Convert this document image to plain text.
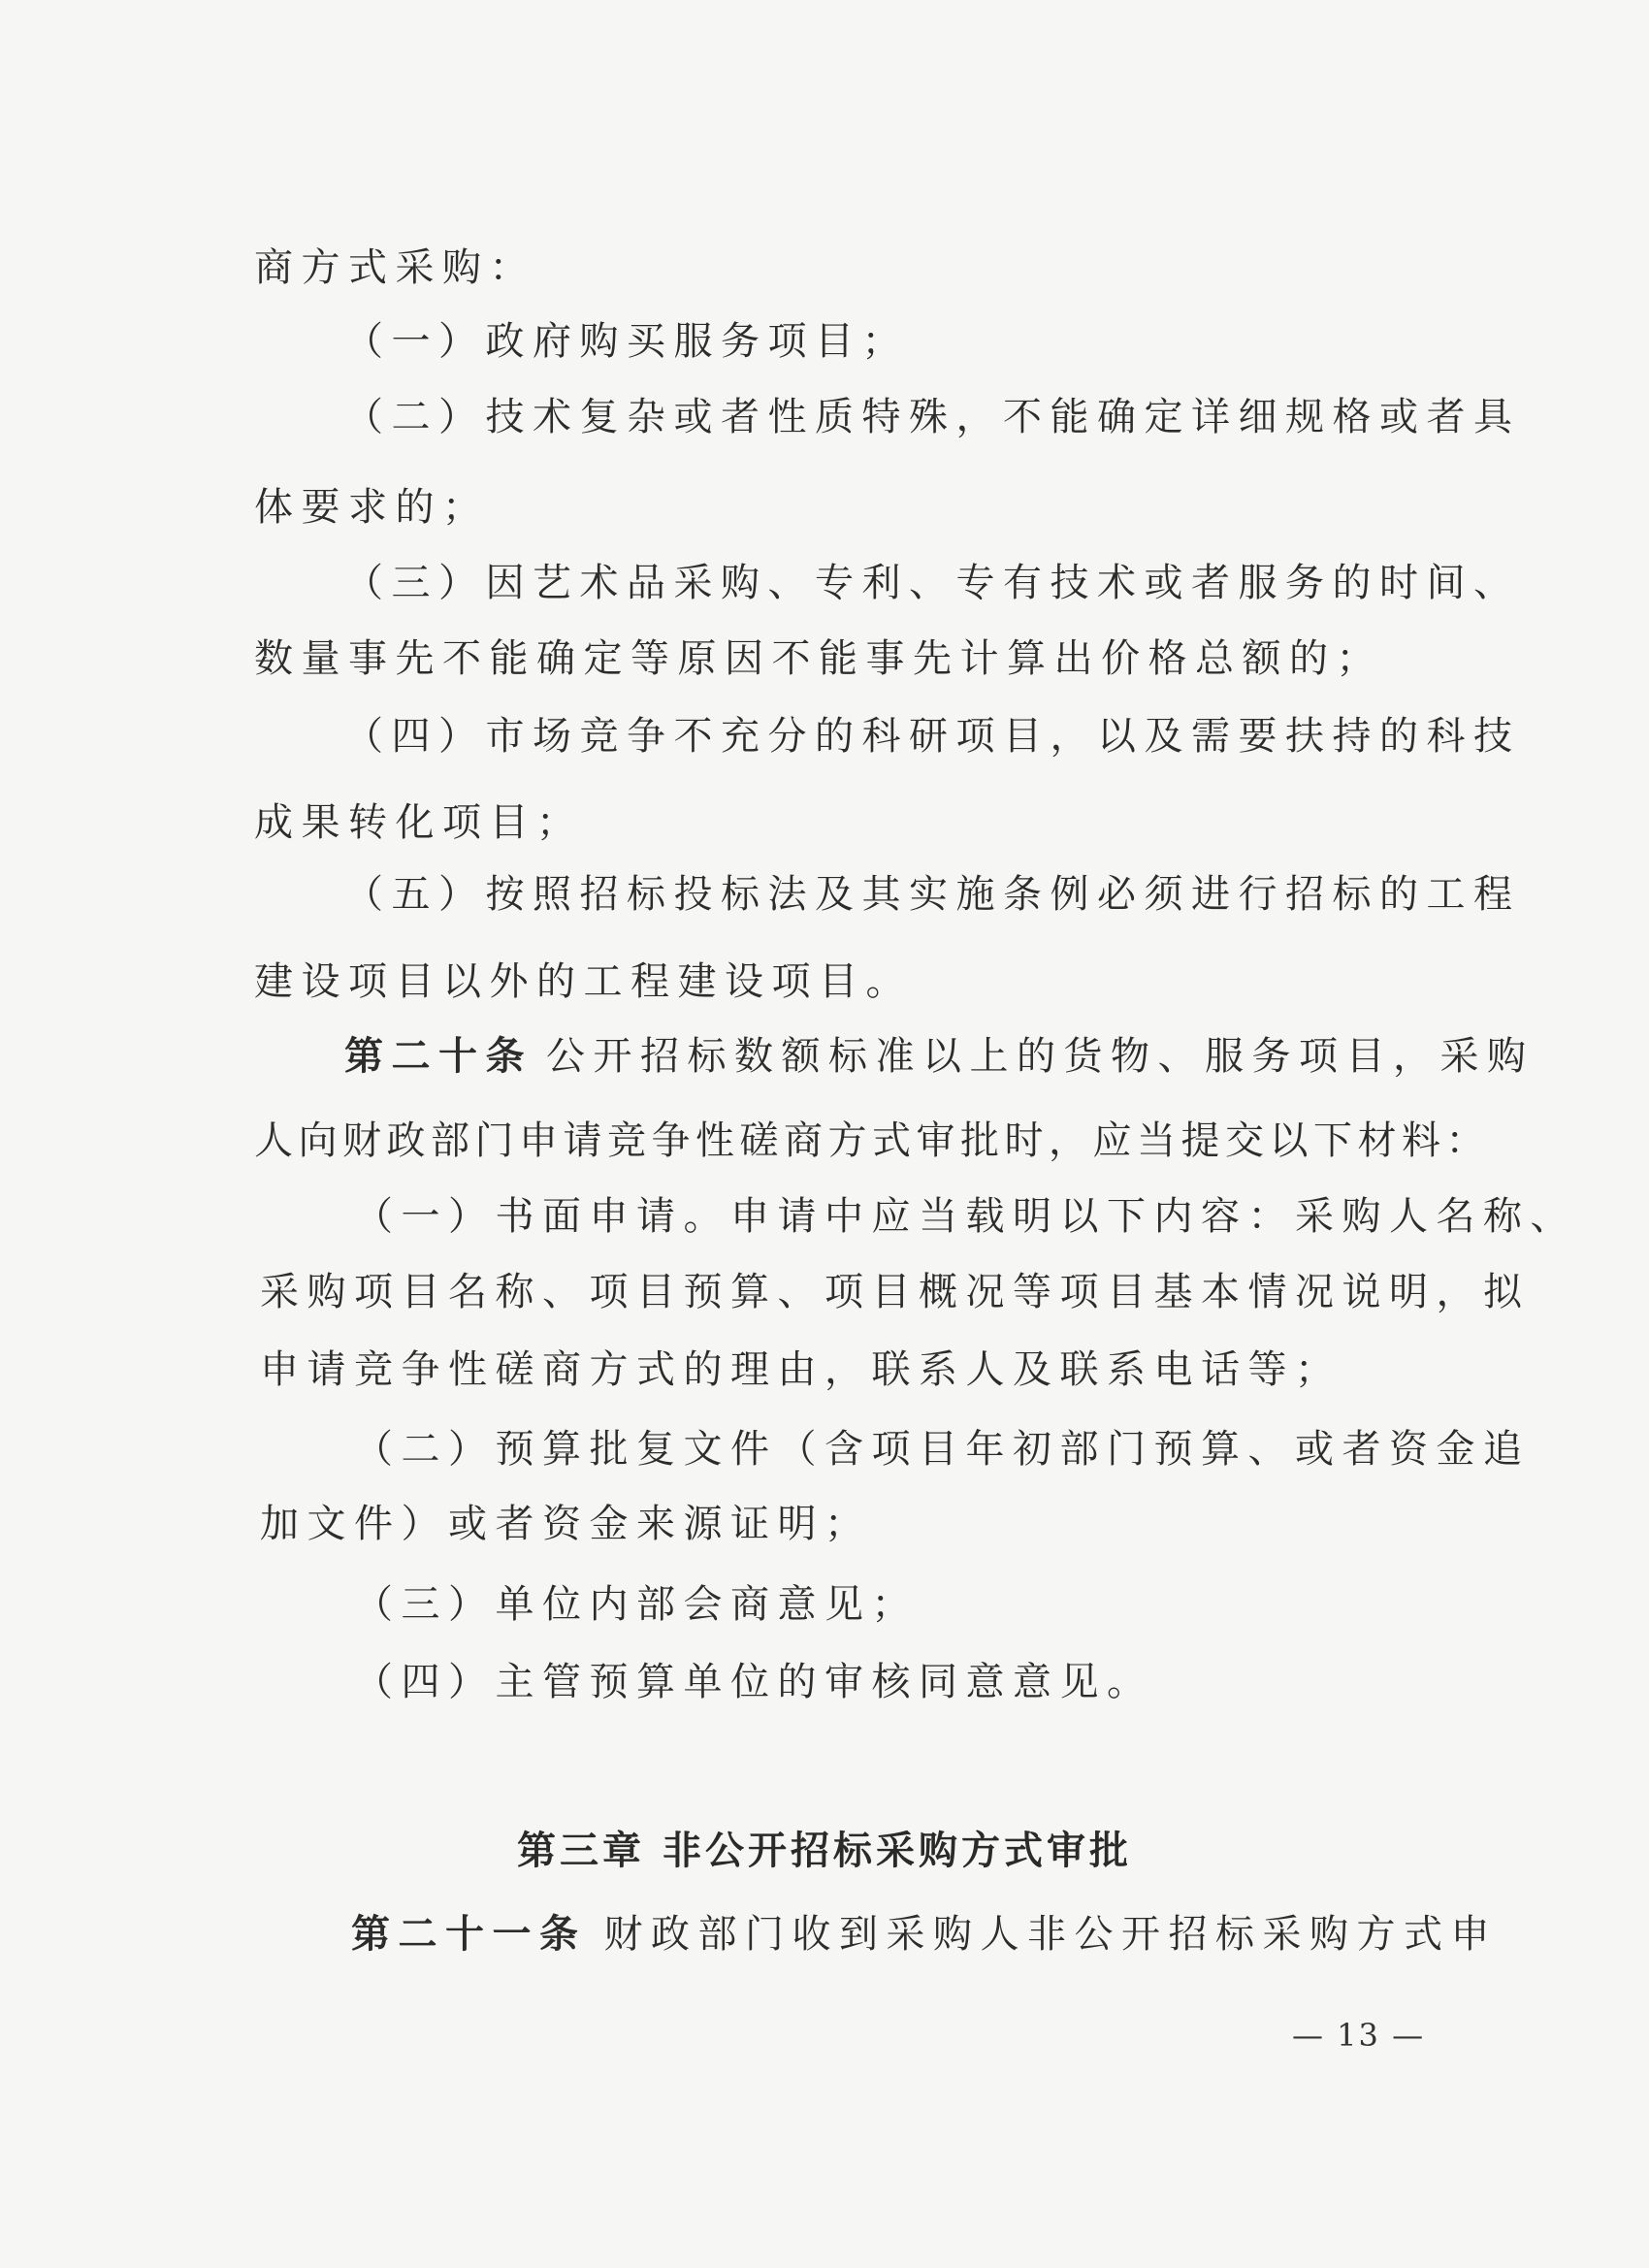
商方式采购：
（一）政府购买服务项目；
（二）技术复杂或者性质特殊，不能确定详细规格或者具
体要求的；
（三）因艺术品采购、专利、专有技术或者服务的时间、
数量事先不能确定等原因不能事先计算出价格总额的；
（四）市场竞争不充分的科研项目，以及需要扶持的科技
成果转化项目；
（五）按照招标投标法及其实施条例必须进行招标的工程
建设项目以外的工程建设项目。
第二十条 公开招标数额标准以上的货物、服务项目，采购
人向财政部门申请竞争性磋商方式审批时，应当提交以下材料：
（一）书面申请。申请中应当载明以下内容：采购人名称、
采购项目名称、项目预算、项目概况等项目基本情况说明，拟
申请竞争性磋商方式的理由，联系人及联系电话等；
（二）预算批复文件（含项目年初部门预算、或者资金追
加文件）或者资金来源证明；
（三）单位内部会商意见；
（四）主管预算单位的审核同意意见。
第三章 非公开招标采购方式审批
第二十一条 财政部门收到采购人非公开招标采购方式申
— 13 —
